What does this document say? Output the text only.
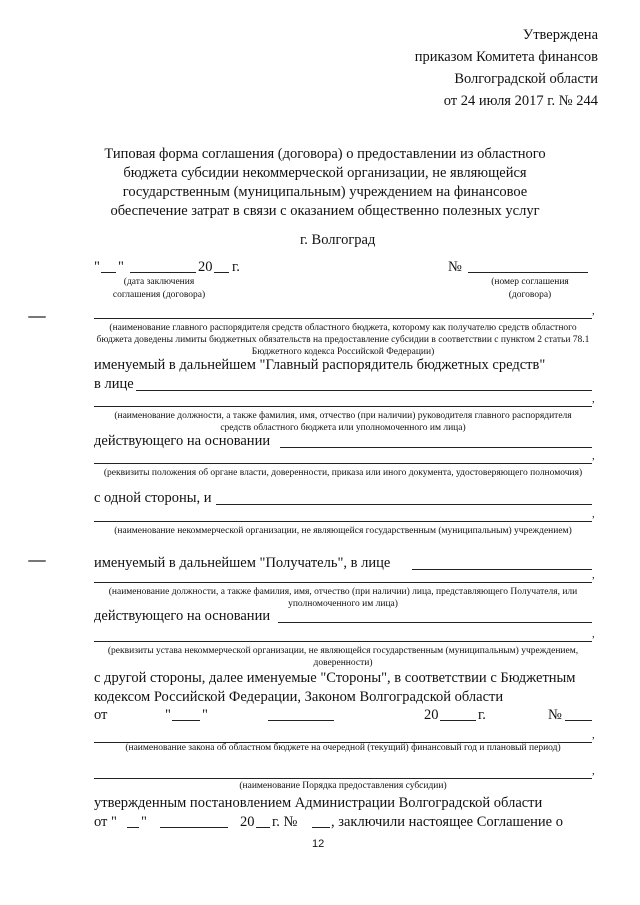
Утверждена
приказом Комитета финансов
Волгоградской области
от 24 июля 2017 г. № 244
Типовая форма соглашения (договора) о предоставлении из областного
бюджета субсидии некоммерческой организации, не являющейся
государственным (муниципальным) учреждением на финансовое
обеспечение затрат в связи с оказанием общественно полезных услуг
г. Волгоград
" "	20 г.
(дата заключения
соглашения (договора)
№
(номер соглашения
(договора)
,
(наименование главного распорядителя средств областного бюджета, которому как получателю средств областного бюджета доведены лимиты бюджетных обязательств на предоставление субсидии в соответствии с пунктом 2 статьи 78.1 Бюджетного кодекса Российской Федерации)
именуемый в дальнейшем "Главный распорядитель бюджетных средств"
в лице
,
(наименование должности, а также фамилия, имя, отчество (при наличии) руководителя главного распорядителя средств областного бюджета или уполномоченного им лица)
действующего на основании
,
(реквизиты положения об органе власти, доверенности, приказа или иного документа, удостоверяющего полномочия)
с одной стороны, и
,
(наименование некоммерческой организации, не являющейся государственным (муниципальным) учреждением)
именуемый в дальнейшем "Получатель", в лице
,
(наименование должности, а также фамилия, имя, отчество (при наличии) лица, представляющего Получателя, или уполномоченного им лица)
действующего на основании
,
(реквизиты устава некоммерческой организации, не являющейся государственным (муниципальным) учреждением, доверенности)
с другой стороны, далее именуемые "Стороны", в соответствии с Бюджетным
кодексом Российской Федерации, Законом Волгоградской области
от	" "	20	г.	№
,
(наименование закона об областном бюджете на очередной (текущий) финансовый год и плановый период)
,
(наименование Порядка предоставления субсидии)
утвержденным постановлением Администрации Волгоградской области
от " "	20 г. № , заключили настоящее Соглашение о
12
